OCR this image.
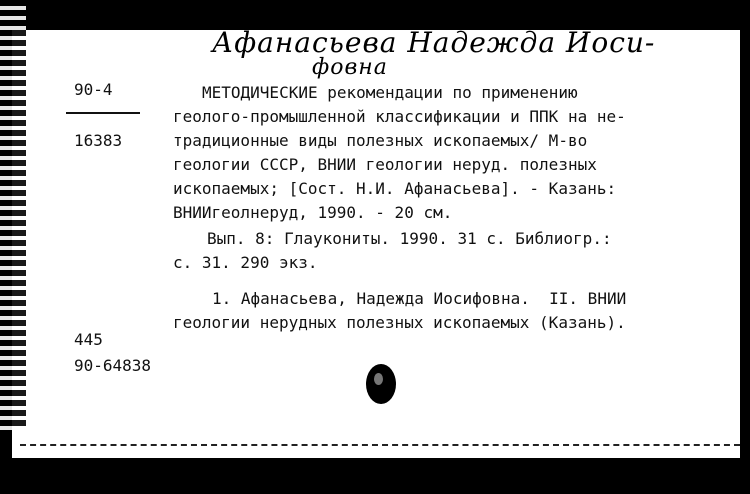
Афанасьева Надежда Иоси-
фовна
90-4
16383
МЕТОДИЧЕСКИЕ рекомендации по применению
геолого-промышленной классификации и ППК на не-
традиционные виды полезных ископаемых/ М-во
геологии СССР, ВНИИ геологии неруд. полезных
ископаемых; [Сост. Н.И. Афанасьева]. - Казань:
ВНИИгеолнеруд, 1990. - 20 см.
Вып. 8: Глаукониты. 1990. 31 с. Библиогр.:
с. 31. 290 экз.
1. Афанасьева, Надежда Иосифовна.  II. ВНИИ
геологии нерудных полезных ископаемых (Казань).
445
90-64838
